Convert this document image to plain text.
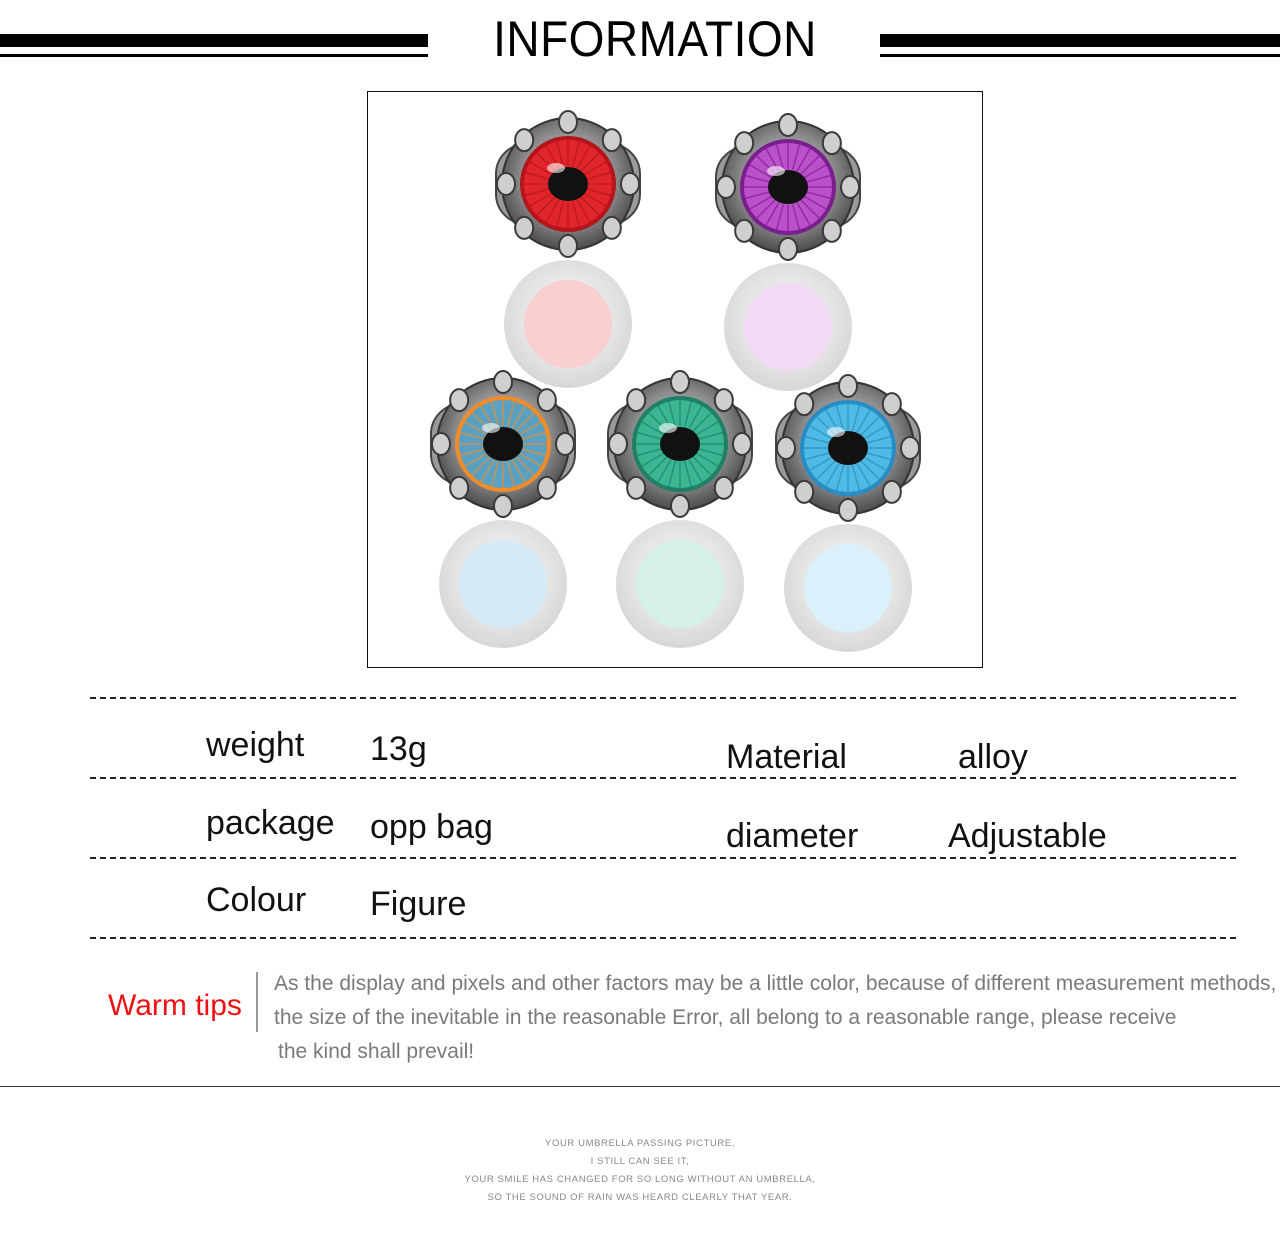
INFORMATION
weight 13g	Material	alloy
package opp bag	diameter	Adjustable
Colour Figure
Warm tips
As the display and pixels and other factors may be a little color, because of different measurement methods,
the size of the inevitable in the reasonable Error, all belong to a reasonable range, please receive
the kind shall prevail!
YOUR UMBRELLA PASSING PICTURE,
I STILL CAN SEE IT,
YOUR SMILE HAS CHANGED FOR SO LONG WITHOUT AN UMBRELLA,
SO THE SOUND OF RAIN WAS HEARD CLEARLY THAT YEAR.
